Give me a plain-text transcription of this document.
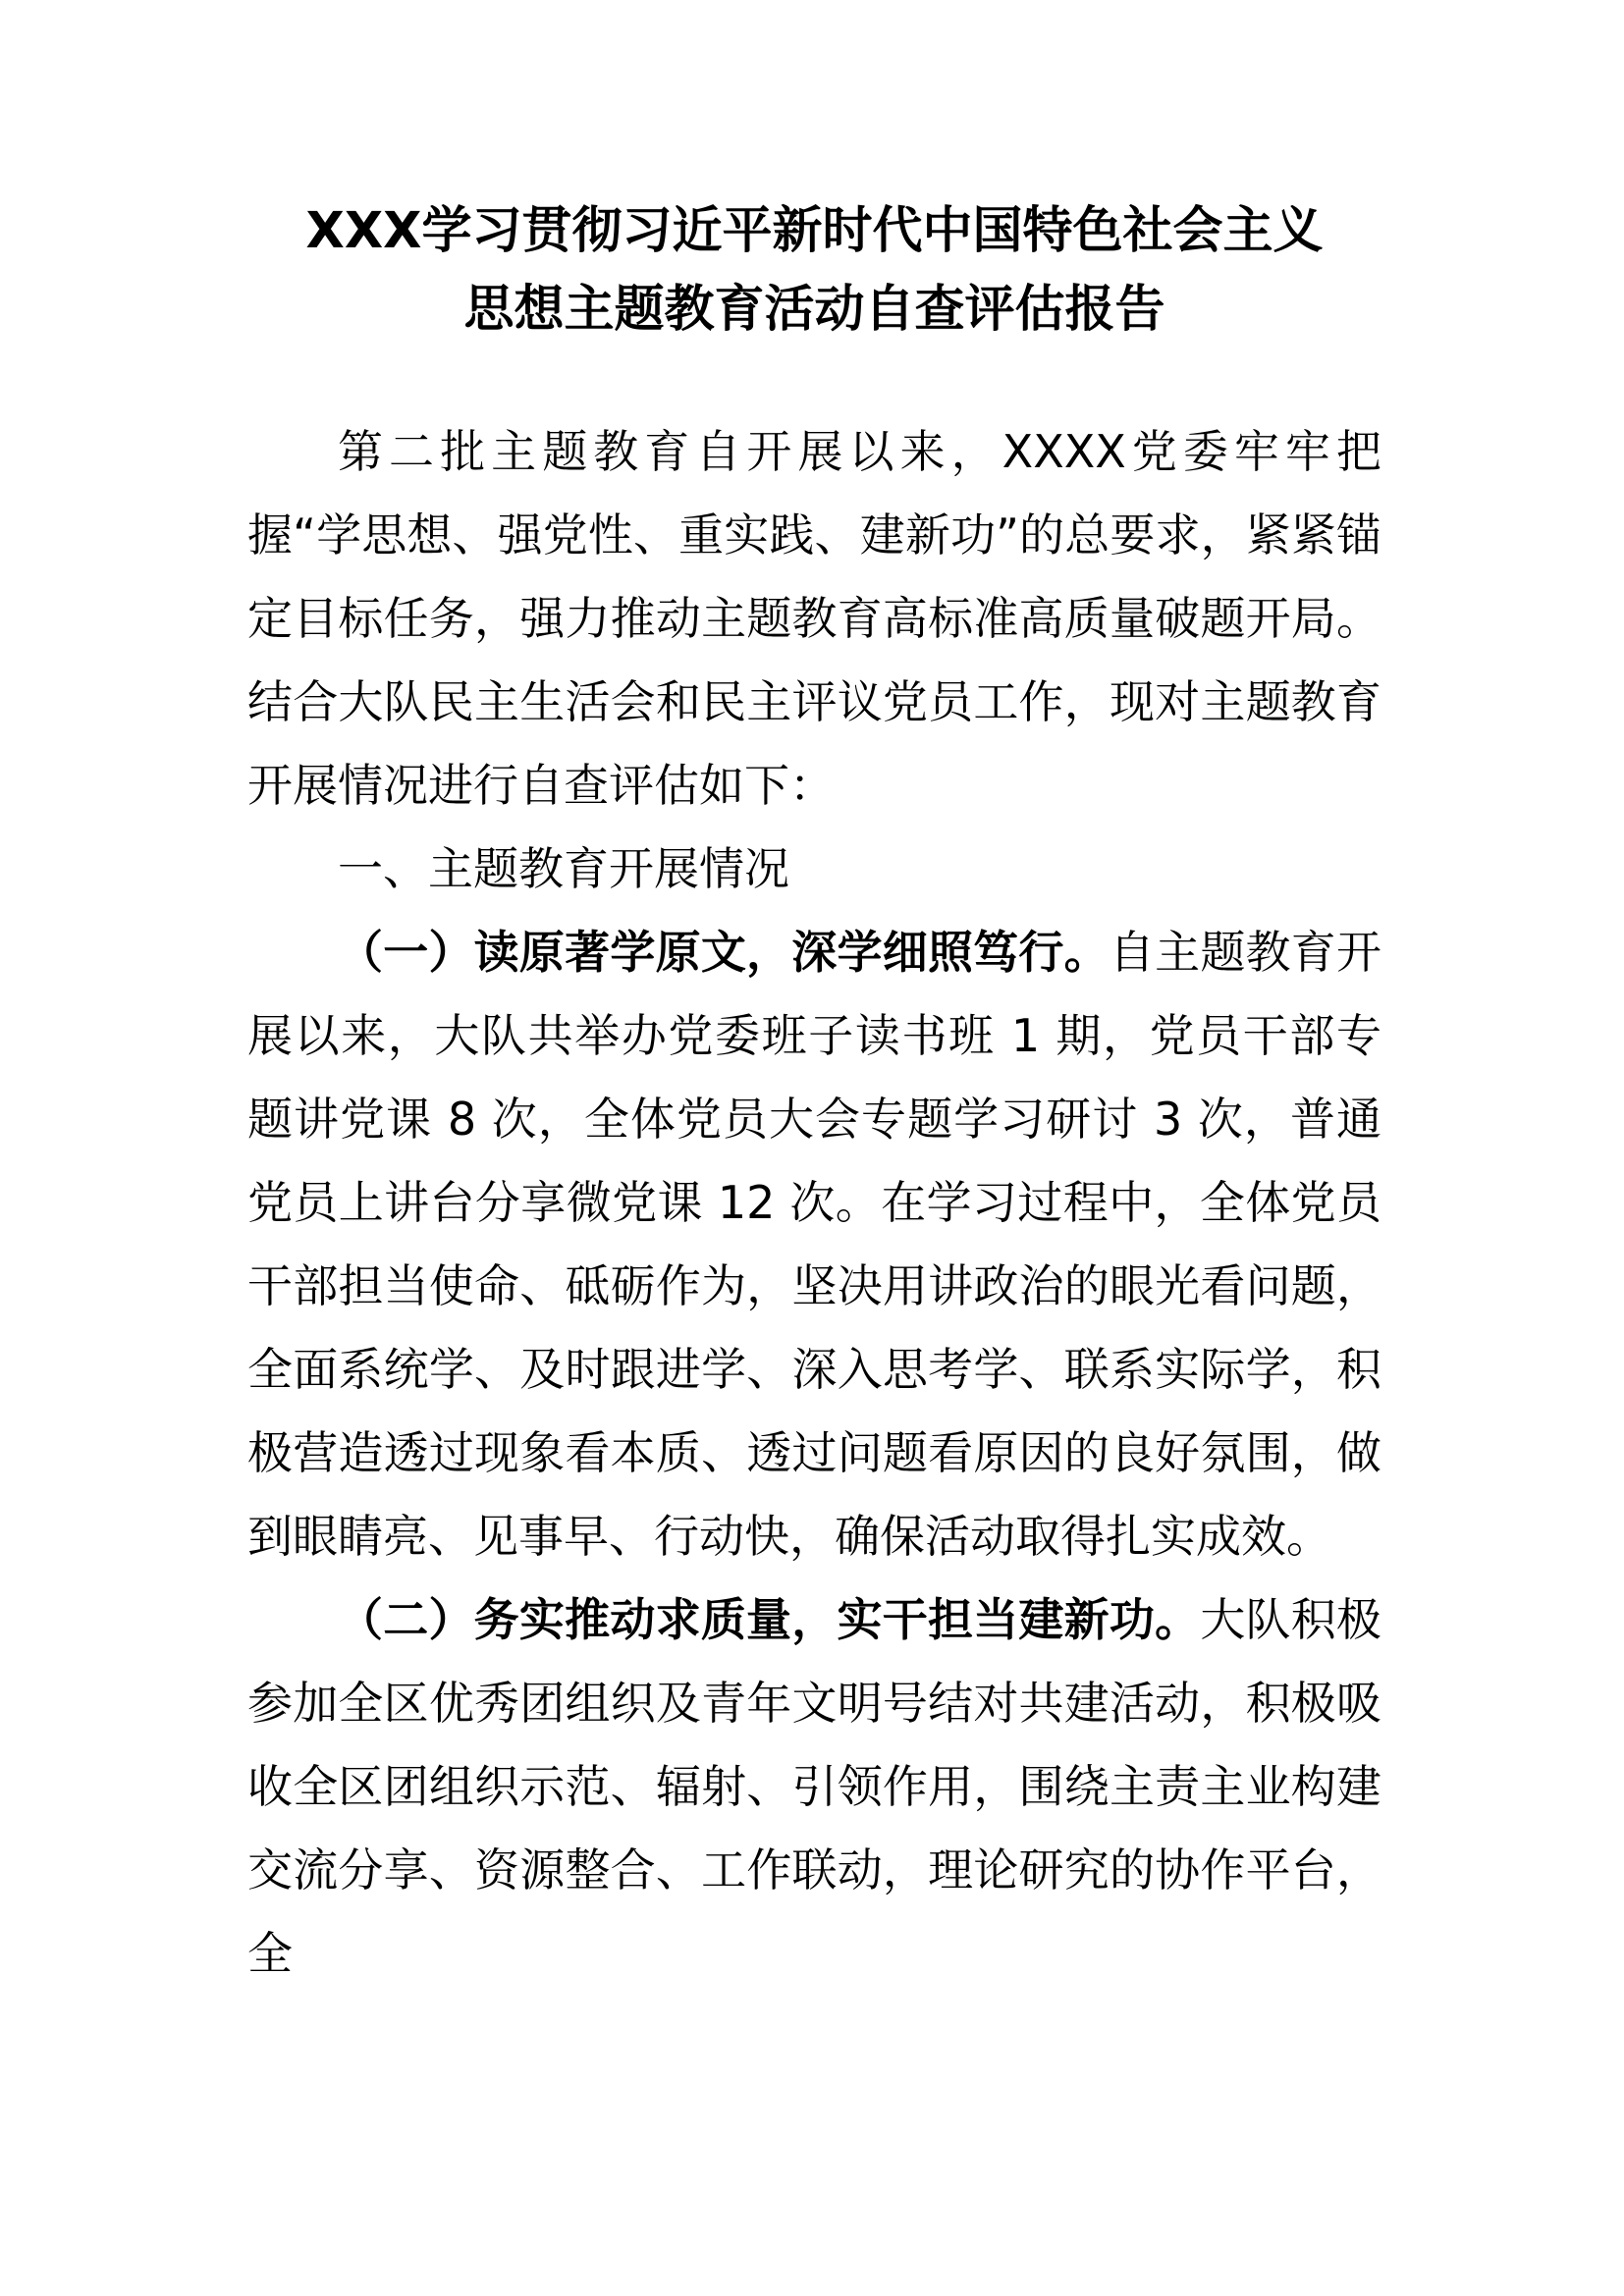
XXX学习贯彻习近平新时代中国特色社会主义
思想主题教育活动自查评估报告

第二批主题教育自开展以来，XXXX党委牢牢把握“学思想、强党性、重实践、建新功”的总要求，紧紧锚定目标任务，强力推动主题教育高标准高质量破题开局。结合大队民主生活会和民主评议党员工作，现对主题教育开展情况进行自查评估如下：

一、主题教育开展情况

（一）读原著学原文，深学细照笃行。自主题教育开展以来，大队共举办党委班子读书班 1 期，党员干部专题讲党课 8 次，全体党员大会专题学习研讨 3 次，普通党员上讲台分享微党课 12 次。在学习过程中，全体党员干部担当使命、砥砺作为，坚决用讲政治的眼光看问题，全面系统学、及时跟进学、深入思考学、联系实际学，积极营造透过现象看本质、透过问题看原因的良好氛围，做到眼睛亮、见事早、行动快，确保活动取得扎实成效。

（二）务实推动求质量，实干担当建新功。大队积极参加全区优秀团组织及青年文明号结对共建活动，积极吸收全区团组织示范、辐射、引领作用，围绕主责主业构建交流分享、资源整合、工作联动，理论研究的协作平台，全
